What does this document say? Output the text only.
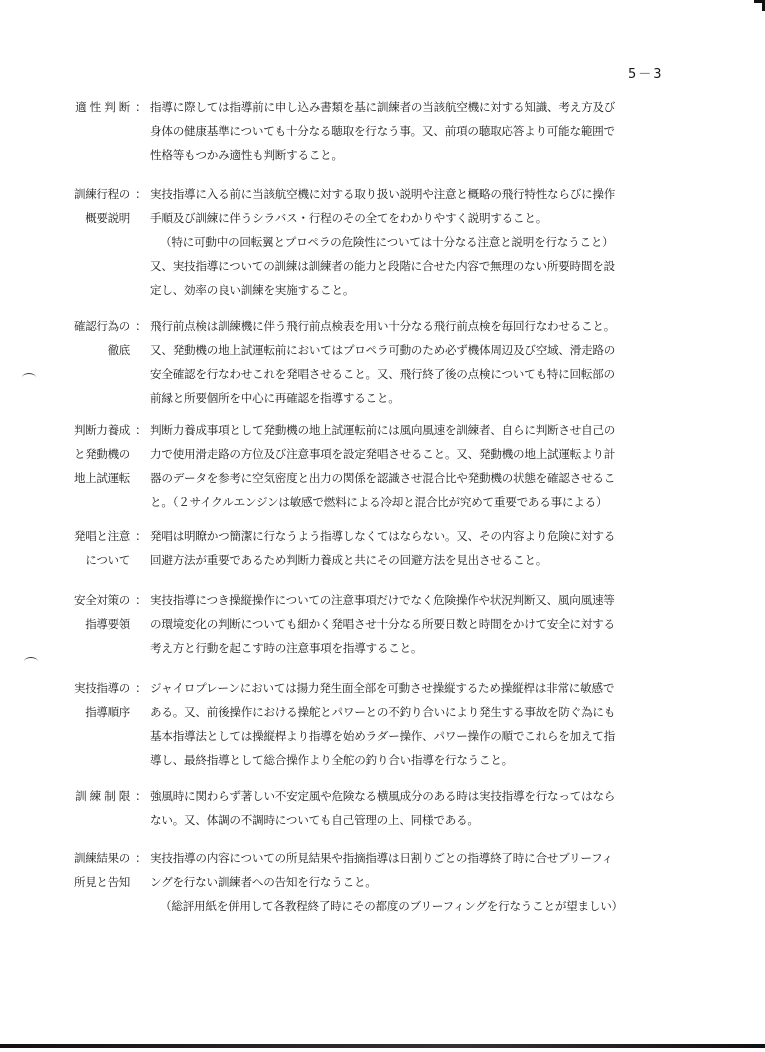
5－3
適 性 判 断 ： 指導に際しては指導前に申し込み書類を基に訓練者の当該航空機に対する知識、考え方及び
身体の健康基準についても十分なる聴取を行なう事。又、前項の聴取応答より可能な範囲で
性格等もつかみ適性も判断すること。
訓練行程の
概要説明
： 実技指導に入る前に当該航空機に対する取り扱い説明や注意と概略の飛行特性ならびに操作
手順及び訓練に伴うシラバス・行程のその全てをわかりやすく説明すること。
（特に可動中の回転翼とプロペラの危険性については十分なる注意と説明を行なうこと）
又、実技指導についての訓練は訓練者の能力と段階に合せた内容で無理のない所要時間を設
定し、効率の良い訓練を実施すること。
確認行為の
徹底
： 飛行前点検は訓練機に伴う飛行前点検表を用い十分なる飛行前点検を毎回行なわせること。
又、発動機の地上試運転前においてはプロペラ可動のため必ず機体周辺及び空域、滑走路の
安全確認を行なわせこれを発唱させること。又、飛行終了後の点検についても特に回転部の
前縁と所要個所を中心に再確認を指導すること。
判断力養成
と発動機の
地上試運転
： 判断力養成事項として発動機の地上試運転前には風向風速を訓練者、自らに判断させ自己の
力で使用滑走路の方位及び注意事項を設定発唱させること。又、発動機の地上試運転より計
器のデータを参考に空気密度と出力の関係を認識させ混合比や発動機の状態を確認させるこ
と。（２サイクルエンジンは敏感で燃料による冷却と混合比が究めて重要である事による）
発唱と注意
について
： 発唱は明瞭かつ簡潔に行なうよう指導しなくてはならない。又、その内容より危険に対する
回避方法が重要であるため判断力養成と共にその回避方法を見出させること。
安全対策の
指導要領
： 実技指導につき操縦操作についての注意事項だけでなく危険操作や状況判断又、風向風速等
の環境変化の判断についても細かく発唱させ十分なる所要日数と時間をかけて安全に対する
考え方と行動を起こす時の注意事項を指導すること。
実技指導の
指導順序
： ジャイロプレーンにおいては揚力発生面全部を可動させ操縦するため操縦桿は非常に敏感で
ある。又、前後操作における操舵とパワーとの不釣り合いにより発生する事故を防ぐ為にも
基本指導法としては操縦桿より指導を始めラダー操作、パワー操作の順でこれらを加えて指
導し、最終指導として総合操作より全舵の釣り合い指導を行なうこと。
訓 練 制 限 ： 強風時に関わらず著しい不安定風や危険なる横風成分のある時は実技指導を行なってはなら
ない。又、体調の不調時についても自己管理の上、同様である。
訓練結果の
所見と告知
： 実技指導の内容についての所見結果や指摘指導は日割りごとの指導終了時に合せブリーフィ
ングを行ない訓練者への告知を行なうこと。
（総評用紙を併用して各教程終了時にその都度のブリーフィングを行なうことが望ましい）
